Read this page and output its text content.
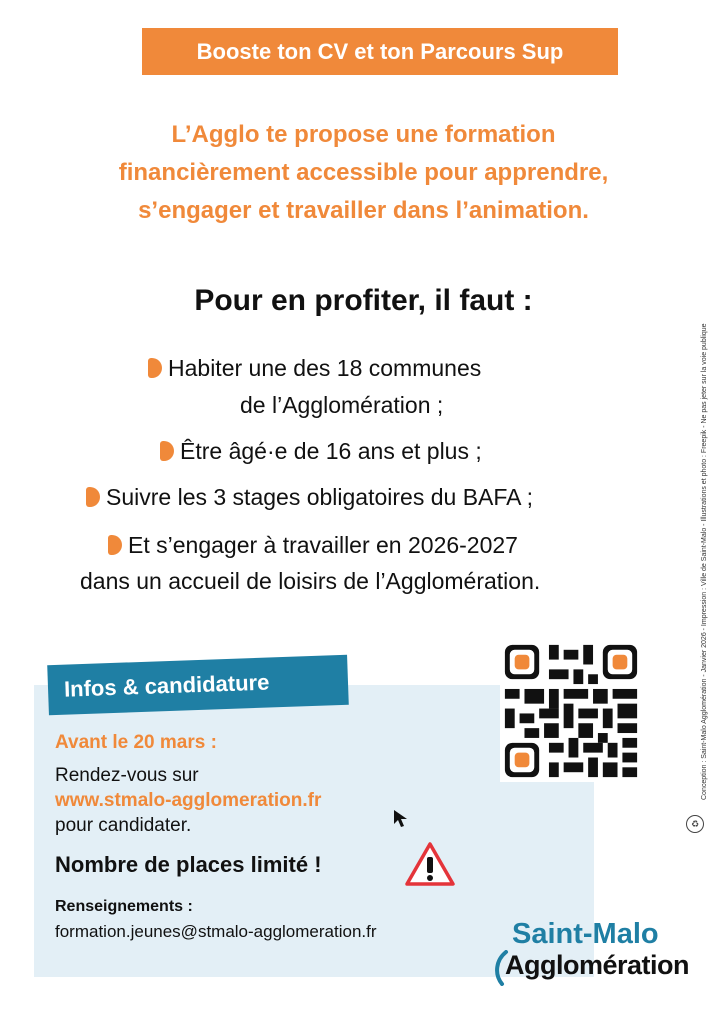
Booste ton CV et ton Parcours Sup
L’Agglo te propose une formation
financièrement accessible pour apprendre,
s’engager et travailler dans l’animation.
Pour en profiter, il faut :
Habiter une des 18 communes
de l’Agglomération ;
Être âgé·e de 16 ans et plus ;
Suivre les 3 stages obligatoires du BAFA ;
Et s’engager à travailler en 2026-2027
dans un accueil de loisirs de l’Agglomération.	Conception : Saint-Malo Agglomération - Janvier 2026 - Impression : Ville de Saint-Malo - Illustrations et photo : Freepik - Ne pas jeter sur la voie publique
♻
Infos & candidature
Avant le 20 mars :
Rendez-vous sur
www.stmalo-agglomeration.fr
pour candidater.
Nombre de places limité !
Renseignements :
formation.jeunes@stmalo-agglomeration.fr	Saint-Malo
Agglomération
